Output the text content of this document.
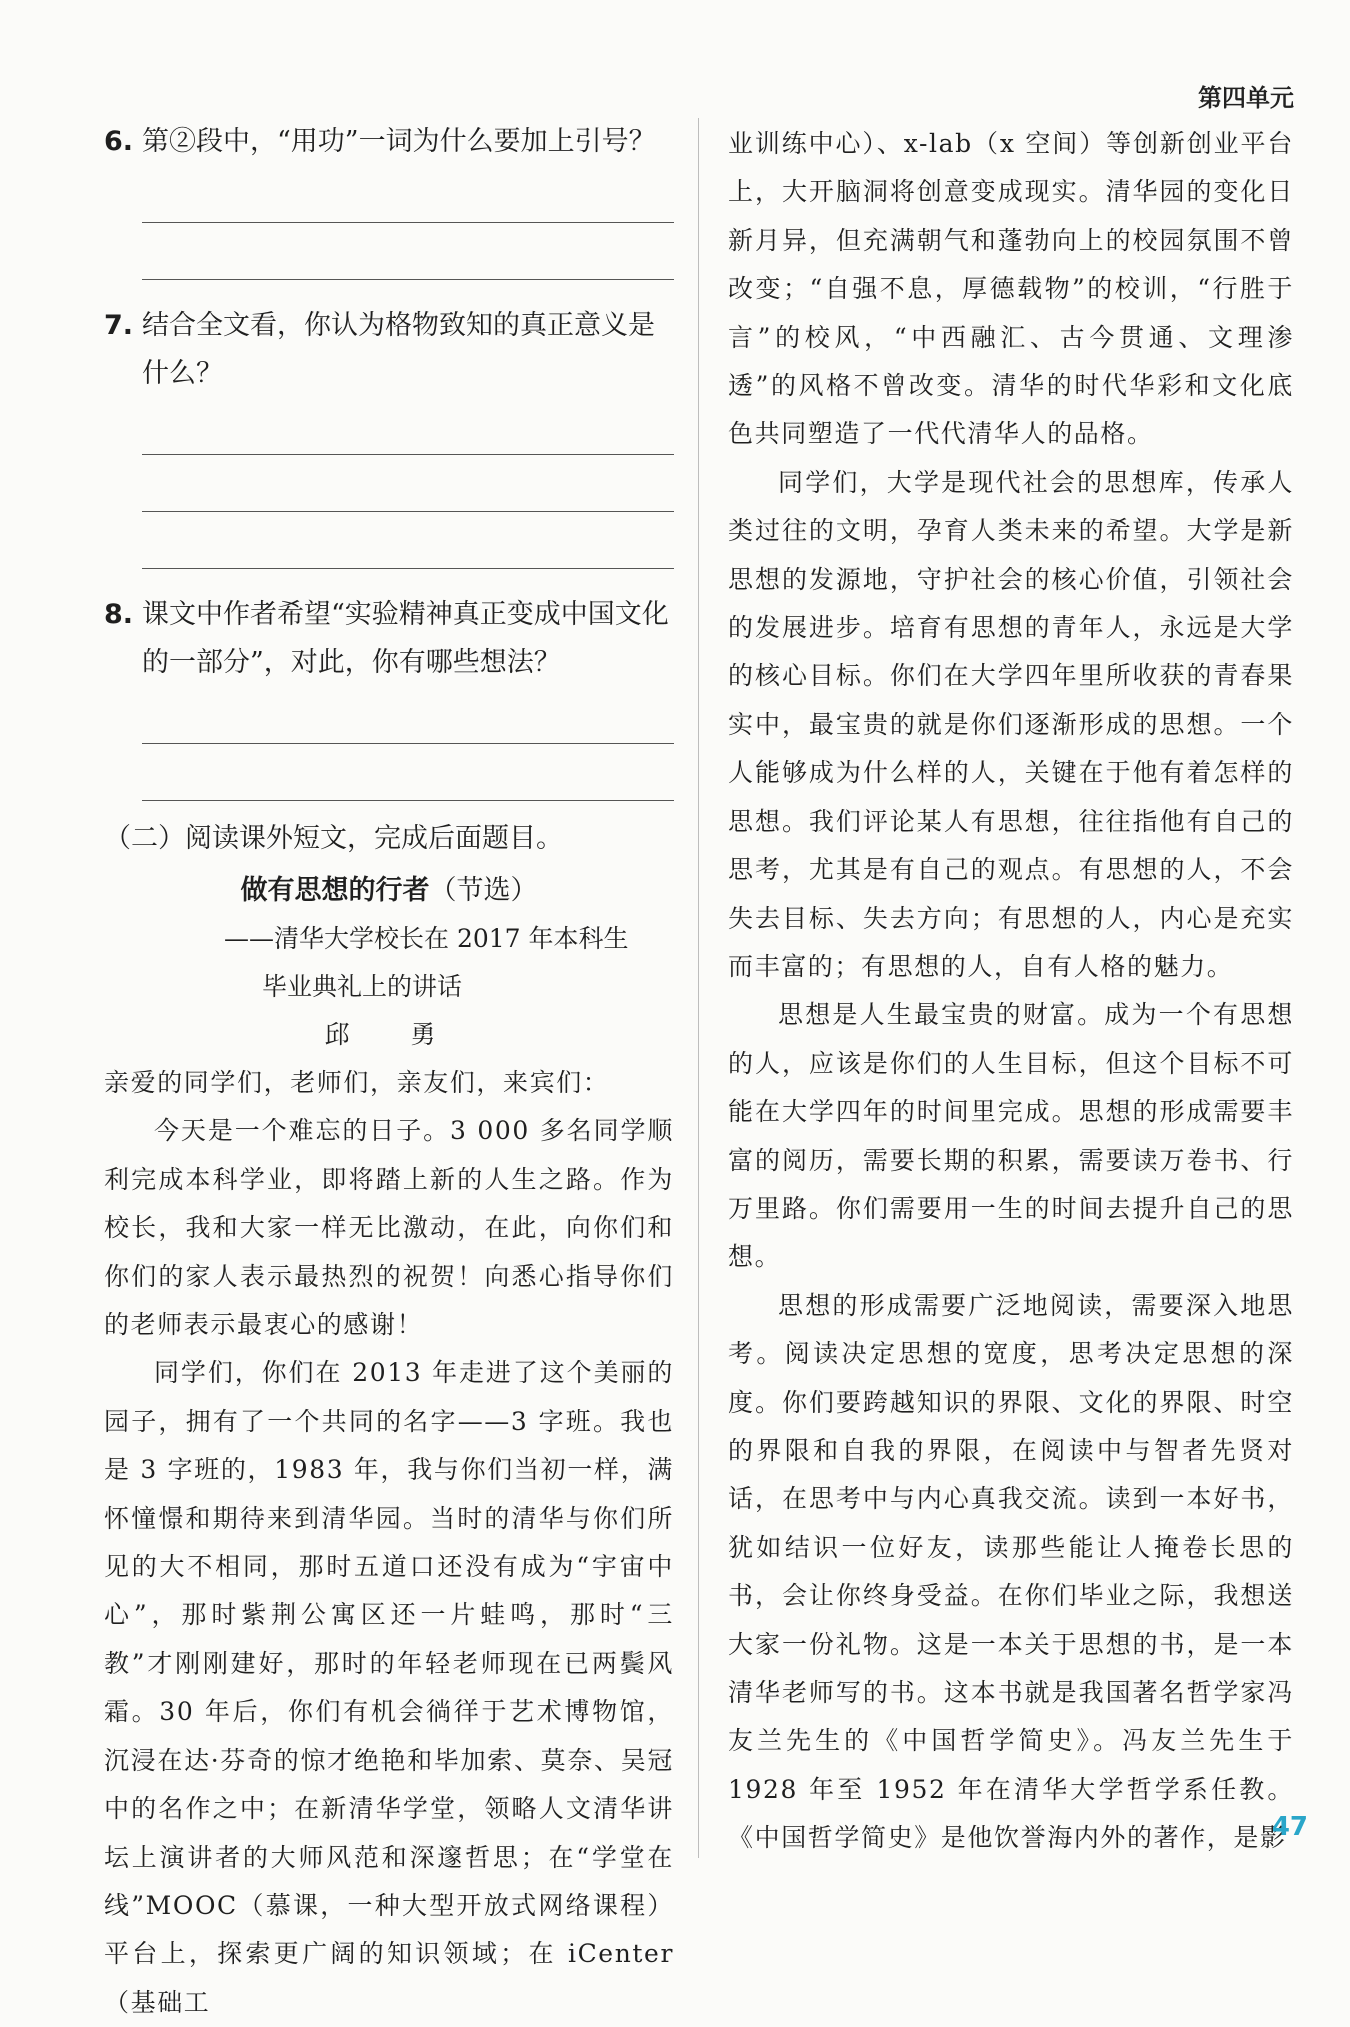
第四单元
6. 第②段中，“用功”一词为什么要加上引号？
7. 结合全文看，你认为格物致知的真正意义是什么？
8. 课文中作者希望“实验精神真正变成中国文化的一部分”，对此，你有哪些想法？
（二）阅读课外短文，完成后面题目。
做有思想的行者（节选）
——清华大学校长在 2017 年本科生
毕业典礼上的讲话
邱　勇

亲爱的同学们，老师们，亲友们，来宾们：

今天是一个难忘的日子。3 000 多名同学顺利完成本科学业，即将踏上新的人生之路。作为校长，我和大家一样无比激动，在此，向你们和你们的家人表示最热烈的祝贺！向悉心指导你们的老师表示最衷心的感谢！

同学们，你们在 2013 年走进了这个美丽的园子，拥有了一个共同的名字——3 字班。我也是 3 字班的，1983 年，我与你们当初一样，满怀憧憬和期待来到清华园。当时的清华与你们所见的大不相同，那时五道口还没有成为“宇宙中心”，那时紫荆公寓区还一片蛙鸣，那时“三教”才刚刚建好，那时的年轻老师现在已两鬓风霜。30 年后，你们有机会徜徉于艺术博物馆，沉浸在达·芬奇的惊才绝艳和毕加索、莫奈、吴冠中的名作之中；在新清华学堂，领略人文清华讲坛上演讲者的大师风范和深邃哲思；在“学堂在线”MOOC（慕课，一种大型开放式网络课程）平台上，探索更广阔的知识领域；在 iCenter（基础工

业训练中心）、x-lab（x 空间）等创新创业平台上，大开脑洞将创意变成现实。清华园的变化日新月异，但充满朝气和蓬勃向上的校园氛围不曾改变；“自强不息，厚德载物”的校训，“行胜于言”的校风，“中西融汇、古今贯通、文理渗透”的风格不曾改变。清华的时代华彩和文化底色共同塑造了一代代清华人的品格。

同学们，大学是现代社会的思想库，传承人类过往的文明，孕育人类未来的希望。大学是新思想的发源地，守护社会的核心价值，引领社会的发展进步。培育有思想的青年人，永远是大学的核心目标。你们在大学四年里所收获的青春果实中，最宝贵的就是你们逐渐形成的思想。一个人能够成为什么样的人，关键在于他有着怎样的思想。我们评论某人有思想，往往指他有自己的思考，尤其是有自己的观点。有思想的人，不会失去目标、失去方向；有思想的人，内心是充实而丰富的；有思想的人，自有人格的魅力。

思想是人生最宝贵的财富。成为一个有思想的人，应该是你们的人生目标，但这个目标不可能在大学四年的时间里完成。思想的形成需要丰富的阅历，需要长期的积累，需要读万卷书、行万里路。你们需要用一生的时间去提升自己的思想。

思想的形成需要广泛地阅读，需要深入地思考。阅读决定思想的宽度，思考决定思想的深度。你们要跨越知识的界限、文化的界限、时空的界限和自我的界限，在阅读中与智者先贤对话，在思考中与内心真我交流。读到一本好书，犹如结识一位好友，读那些能让人掩卷长思的书，会让你终身受益。在你们毕业之际，我想送大家一份礼物。这是一本关于思想的书，是一本清华老师写的书。这本书就是我国著名哲学家冯友兰先生的《中国哲学简史》。冯友兰先生于 1928 年至 1952 年在清华大学哲学系任教。《中国哲学简史》是他饮誉海内外的著作，是影

47
